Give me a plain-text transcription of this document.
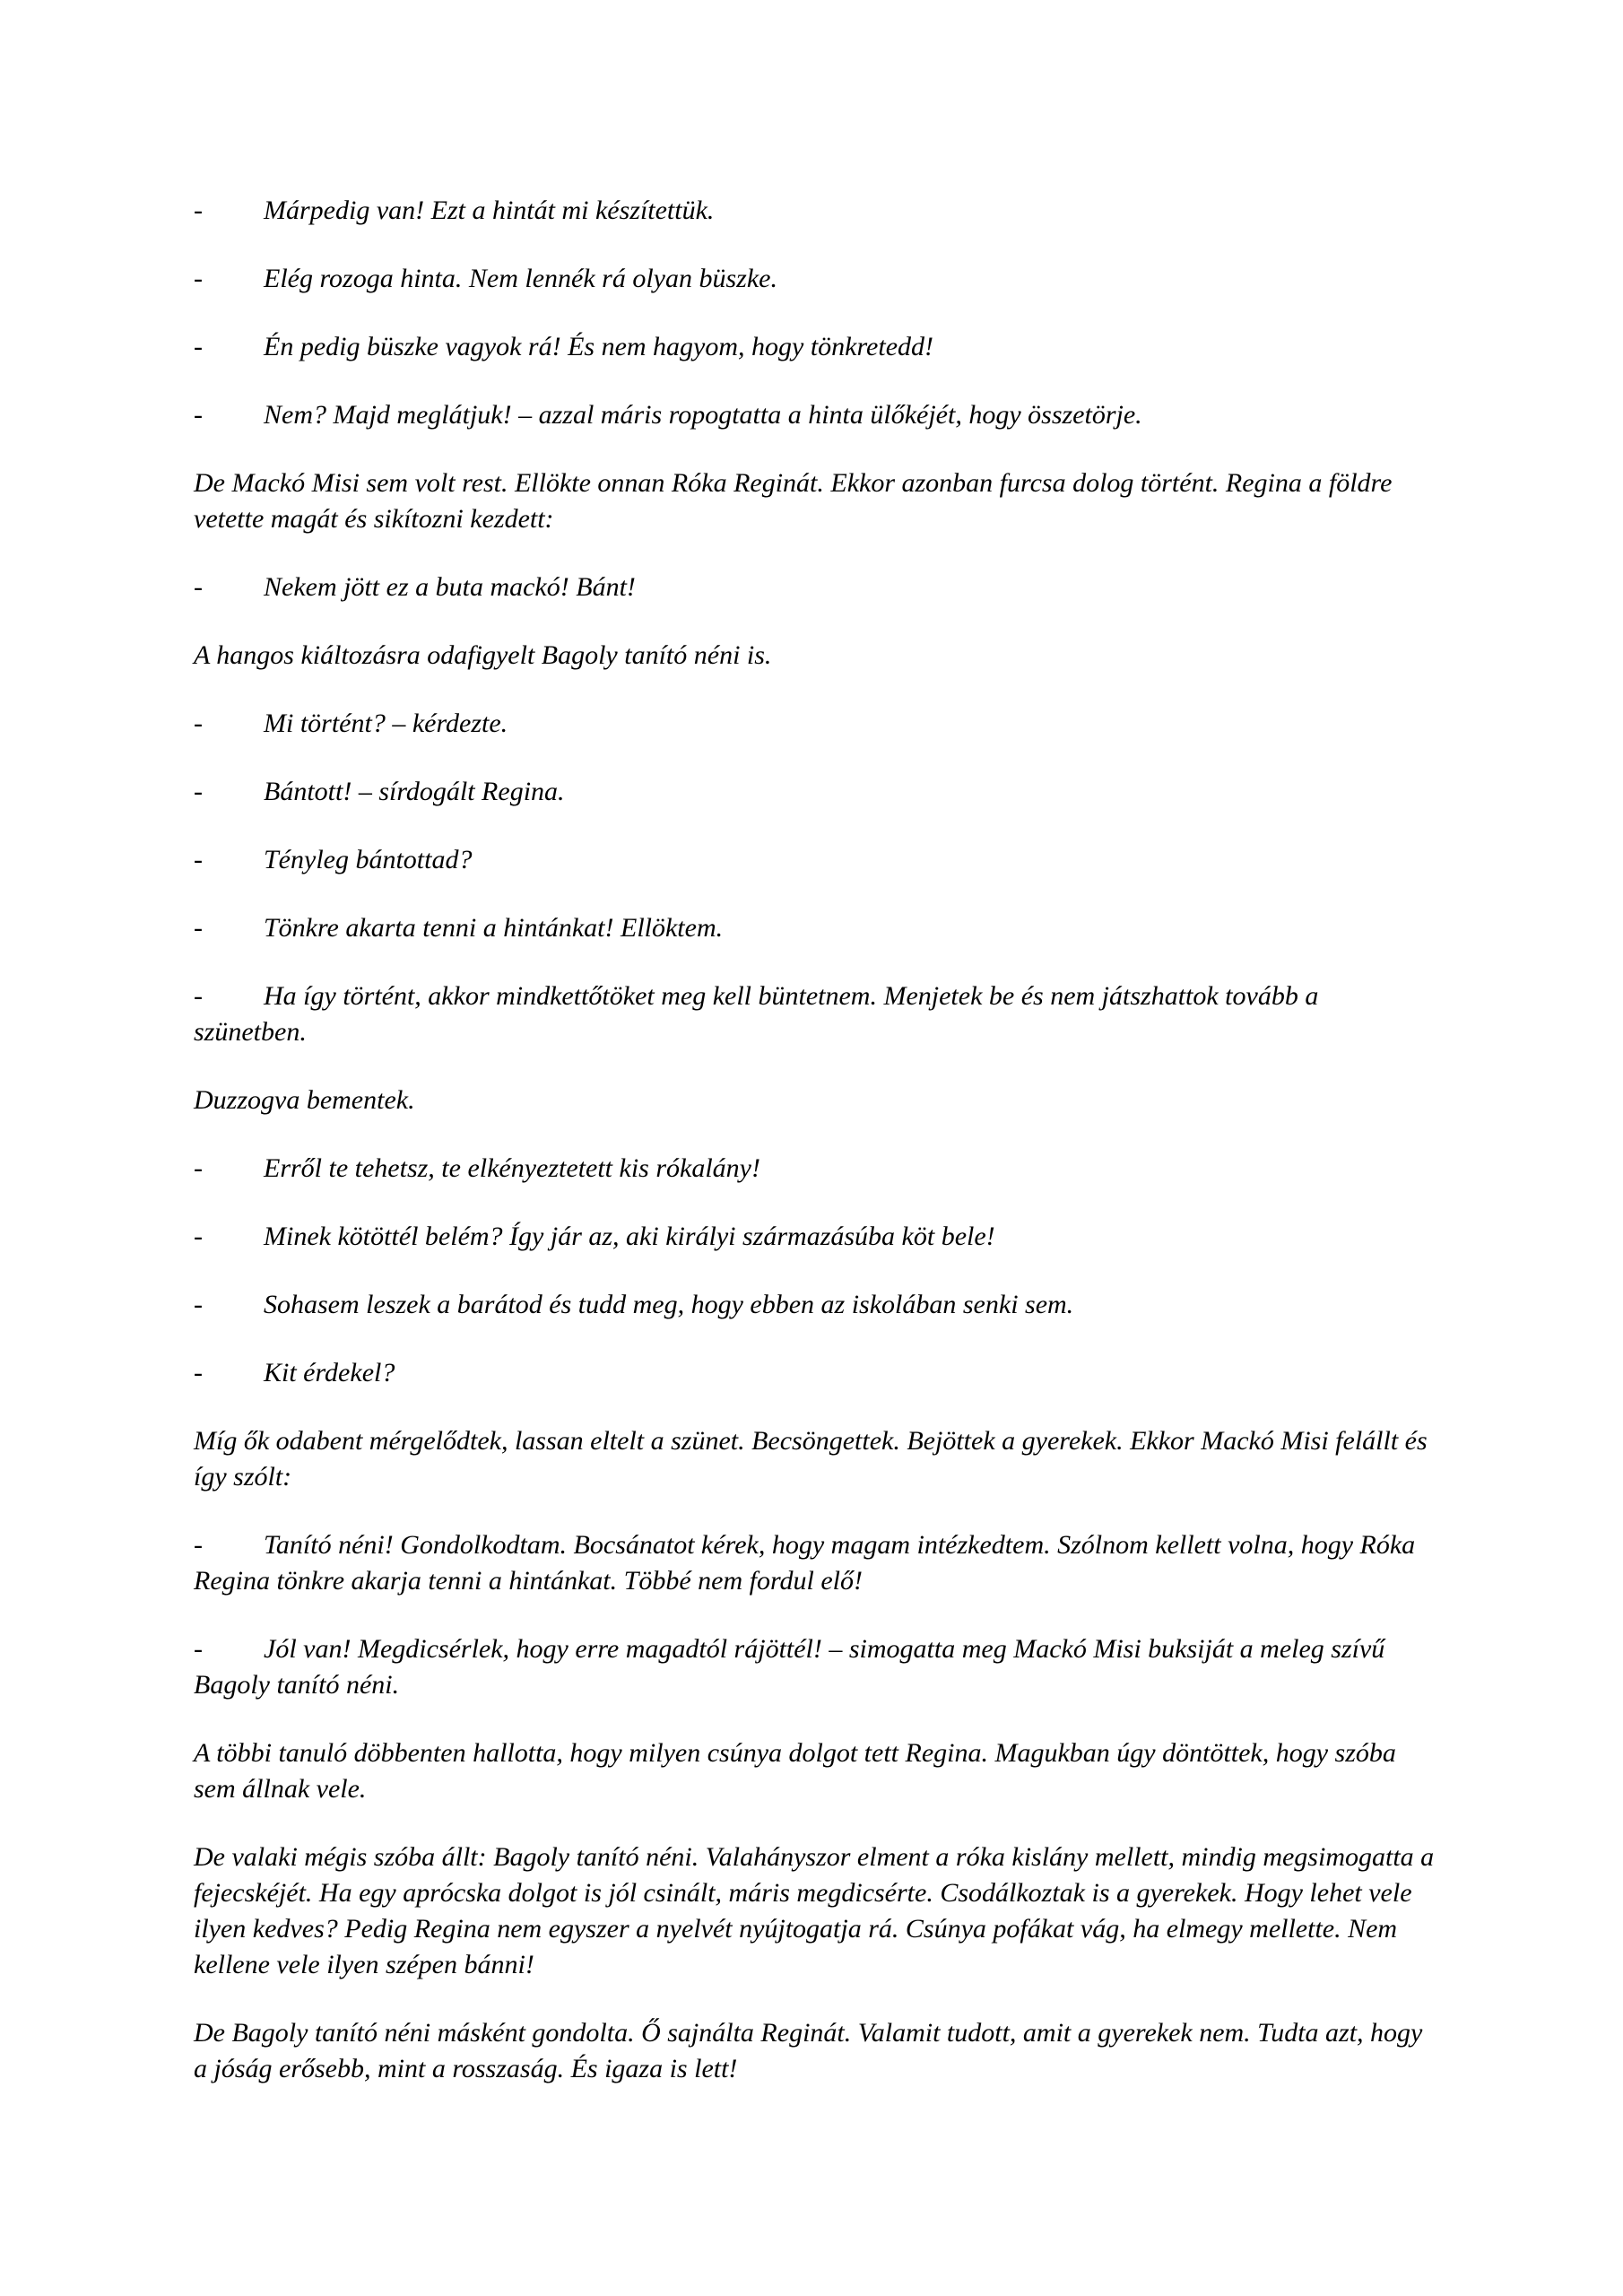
-	Márpedig van! Ezt a hintát mi készítettük.
-	Elég rozoga hinta. Nem lennék rá olyan büszke.
-	Én pedig büszke vagyok rá! És nem hagyom, hogy tönkretedd!
-	Nem? Majd meglátjuk! – azzal máris ropogtatta a hinta ülőkéjét, hogy összetörje.

De Mackó Misi sem volt rest. Ellökte onnan Róka Reginát. Ekkor azonban furcsa dolog történt. Regina a földre vetette magát és sikítozni kezdett:

-	Nekem jött ez a buta mackó! Bánt!

A hangos kiáltozásra odafigyelt Bagoly tanító néni is.

-	Mi történt? – kérdezte.
-	Bántott! – sírdogált Regina.
-	Tényleg bántottad?
-	Tönkre akarta tenni a hintánkat! Ellöktem.

- Ha így történt, akkor mindkettőtöket meg kell büntetnem. Menjetek be és nem játszhattok tovább a szünetben.

Duzzogva bementek.

-	Erről te tehetsz, te elkényeztetett kis rókalány!
-	Minek kötöttél belém? Így jár az, aki királyi származásúba köt bele!
-	Sohasem leszek a barátod és tudd meg, hogy ebben az iskolában senki sem.
-	Kit érdekel?

Míg ők odabent mérgelődtek, lassan eltelt a szünet. Becsöngettek. Bejöttek a gyerekek. Ekkor Mackó Misi felállt és így szólt:

- Tanító néni! Gondolkodtam. Bocsánatot kérek, hogy magam intézkedtem. Szólnom kellett volna, hogy Róka Regina tönkre akarja tenni a hintánkat. Többé nem fordul elő!

- Jól van! Megdicsérlek, hogy erre magadtól rájöttél! – simogatta meg Mackó Misi buksiját a meleg szívű Bagoly tanító néni.

A többi tanuló döbbenten hallotta, hogy milyen csúnya dolgot tett Regina. Magukban úgy döntöttek, hogy szóba sem állnak vele.

De valaki mégis szóba állt: Bagoly tanító néni. Valahányszor elment a róka kislány mellett, mindig megsimogatta a fejecskéjét. Ha egy aprócska dolgot is jól csinált, máris megdicsérte. Csodálkoztak is a gyerekek. Hogy lehet vele ilyen kedves? Pedig Regina nem egyszer a nyelvét nyújtogatja rá. Csúnya pofákat vág, ha elmegy mellette. Nem kellene vele ilyen szépen bánni!

De Bagoly tanító néni másként gondolta. Ő sajnálta Reginát. Valamit tudott, amit a gyerekek nem. Tudta azt, hogy a jóság erősebb, mint a rosszaság. És igaza is lett!
